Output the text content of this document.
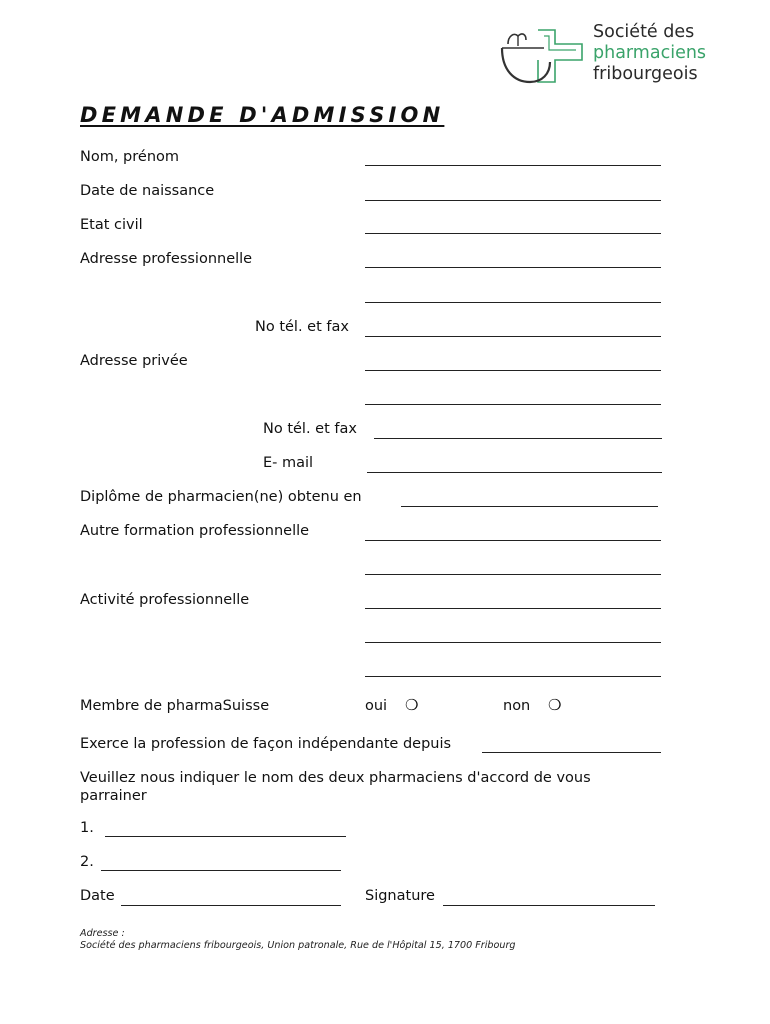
Société des
pharmaciens
fribourgeois
DEMANDE D'ADMISSION
Nom, prénom
Date de naissance
Etat civil
Adresse professionnelle
No tél. et fax
Adresse privée
No tél. et fax
E- mail
Diplôme de pharmacien(ne) obtenu en
Autre formation professionnelle
Activité professionnelle
Membre de pharmaSuisse	oui ❍	non ❍
Exerce la profession de façon indépendante depuis
Veuillez nous indiquer le nom des deux pharmaciens d'accord de vous parrainer
1.
2.
Date	Signature
Adresse :
Société des pharmaciens fribourgeois, Union patronale, Rue de l'Hôpital 15, 1700 Fribourg
